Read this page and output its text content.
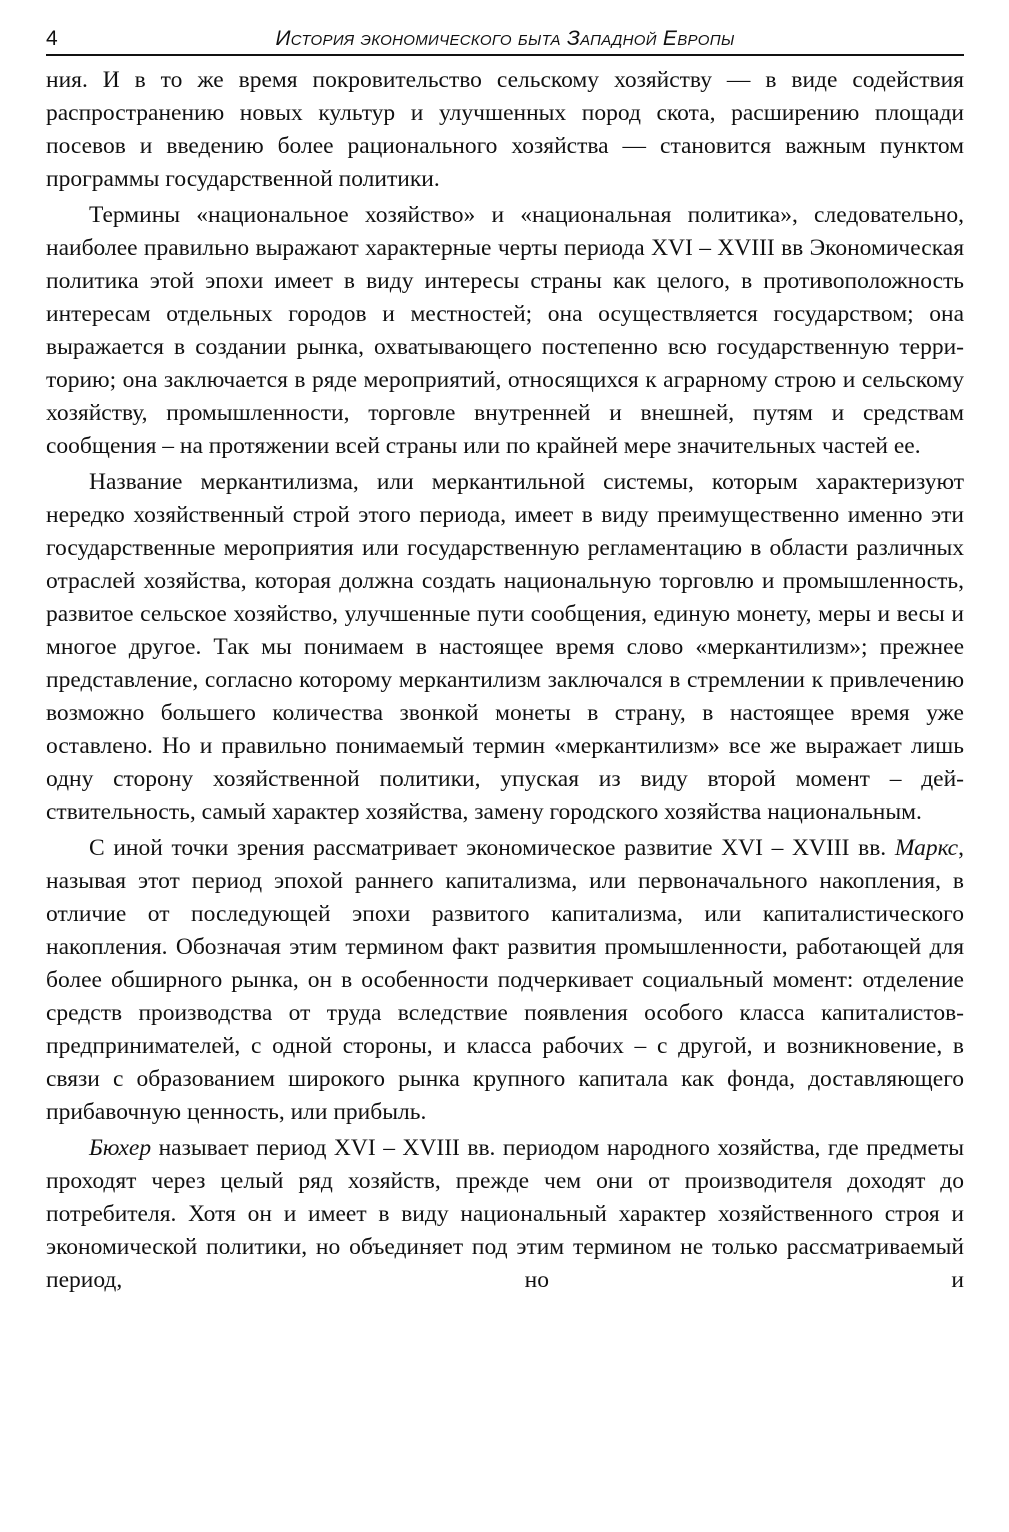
4	История экономического быта Западной Европы

ния. И в то же время покровительство сельскому хозяйству — в виде содействия распространению новых культур и улучшенных пород скота, расширению площади посевов и введению более рационального хозяйства — становится важным пунктом программы государственной политики.

Термины «национальное хозяйство» и «национальная политика», следовательно, наиболее правильно выражают характерные черты периода XVI – XVIII вв Экономическая политика этой эпохи имеет в виду интересы страны как целого, в противоположность интересам отдельных городов и местностей; она осуществляется государством; она выражается в создании рынка, охватывающего постепенно всю государственную территорию; она заключается в ряде мероприятий, относящихся к аграрному строю и сельскому хозяйству, промышленности, торговле внутренней и внешней, путям и средствам сообщения – на протяжении всей страны или по крайней мере значительных частей ее.

Название меркантилизма, или меркантильной системы, которым характеризуют нередко хозяйственный строй этого периода, имеет в виду преимущественно именно эти государственные мероприятия или государственную регламентацию в области различных отраслей хозяйства, которая должна создать национальную торговлю и промышленность, развитое сельское хозяйство, улучшенные пути сообщения, единую монету, меры и весы и многое другое. Так мы понимаем в настоящее время слово «меркантилизм»; прежнее представление, согласно которому меркантилизм заключался в стремлении к привлечению возможно большего количества звонкой монеты в страну, в настоящее время уже оставлено. Но и правильно понимаемый термин «меркантилизм» все же выражает лишь одну сторону хозяйственной политики, упуская из виду второй момент – действительность, самый характер хозяйства, замену городского хозяйства национальным.

С иной точки зрения рассматривает экономическое развитие XVI – XVIII вв. Маркс, называя этот период эпохой раннего капитализма, или первоначального накопления, в отличие от последующей эпохи развитого капитализма, или капиталистического накопления. Обозначая этим термином факт развития промышленности, работающей для более обширного рынка, он в особенности подчеркивает социальный момент: отделение средств производства от труда вследствие появления особого класса капиталистов-предпринимателей, с одной стороны, и класса рабочих – с другой, и возникновение, в связи с образованием широкого рынка крупного капитала как фонда, доставляющего прибавочную ценность, или прибыль.

Бюхер называет период XVI – XVIII вв. периодом народного хозяйства, где предметы проходят через целый ряд хозяйств, прежде чем они от производителя доходят до потребителя. Хотя он и имеет в виду национальный характер хозяйственного строя и экономической политики, но объединяет под этим термином не только рассматриваемый период, но и
